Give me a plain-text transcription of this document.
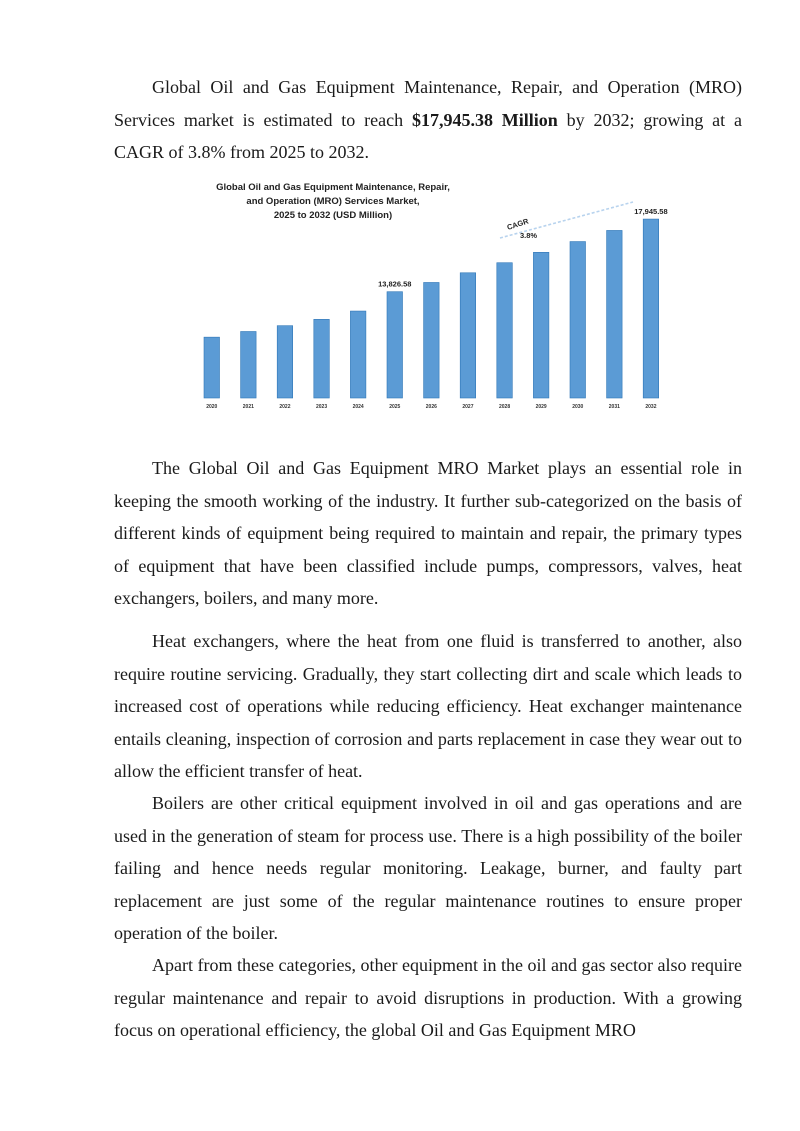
Global Oil and Gas Equipment Maintenance, Repair, and Operation (MRO) Services market is estimated to reach $17,945.38 Million by 2032; growing at a CAGR of 3.8% from 2025 to 2032.

Global Oil and Gas Equipment Maintenance, Repair,
and Operation (MRO) Services Market,
2025 to 2032 (USD Million)
CAGR
3.8%
2020	2021	2022	2023	2024	2025
13,826.58
2026	2027	2028	2029	2030	2031	2032
17,945.58

The Global Oil and Gas Equipment MRO Market plays an essential role in keeping the smooth working of the industry. It further sub-categorized on the basis of different kinds of equipment being required to maintain and repair, the primary types of equipment that have been classified include pumps, compressors, valves, heat exchangers, boilers, and many more.

Heat exchangers, where the heat from one fluid is transferred to another, also require routine servicing. Gradually, they start collecting dirt and scale which leads to increased cost of operations while reducing efficiency. Heat exchanger maintenance entails cleaning, inspection of corrosion and parts replacement in case they wear out to allow the efficient transfer of heat.

Boilers are other critical equipment involved in oil and gas operations and are used in the generation of steam for process use. There is a high possibility of the boiler failing and hence needs regular monitoring. Leakage, burner, and faulty part replacement are just some of the regular maintenance routines to ensure proper operation of the boiler.

Apart from these categories, other equipment in the oil and gas sector also require regular maintenance and repair to avoid disruptions in production. With a growing focus on operational efficiency, the global Oil and Gas Equipment MRO
